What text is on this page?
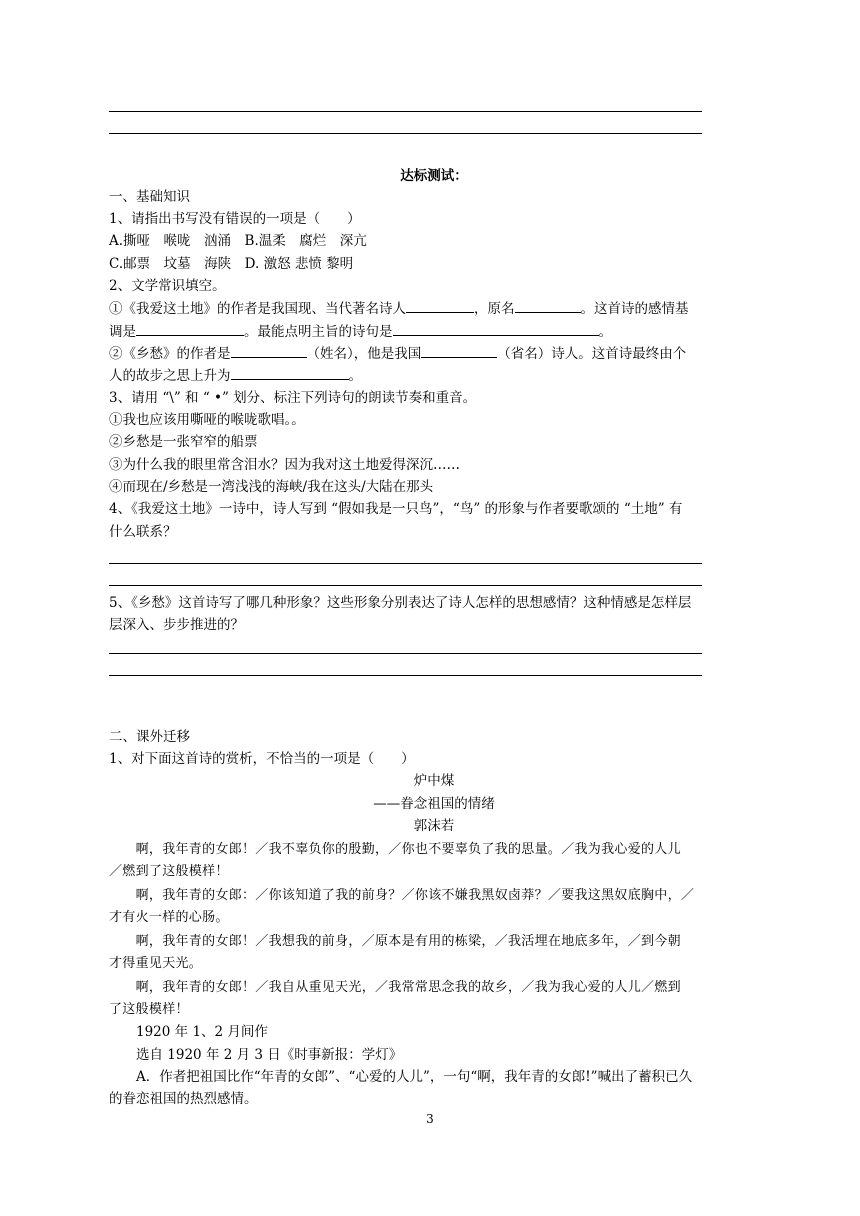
达标测试：
一、基础知识
1、请指出书写没有错误的一项是（　　）
A.撕哑　喉咙　汹涌　B.温柔　腐烂　深亢
C.邮票　坟墓　海陕　D. 激怒 悲愤 黎明
2、文学常识填空。
①《我爱这土地》的作者是我国现、当代著名诗人	，原名	。这首诗的感情基
调是	。最能点明主旨的诗句是	。
②《乡愁》的作者是	（姓名），他是我国	（省名）诗人。这首诗最终由个
人的故步之思上升为	。
3、请用 “\” 和 “ •” 划分、标注下列诗句的朗读节奏和重音。
①我也应该用嘶哑的喉咙歌唱。。
②乡愁是一张窄窄的船票
③为什么我的眼里常含泪水？因为我对这土地爱得深沉……
④而现在/乡愁是一湾浅浅的海峡/我在这头/大陆在那头
4、《我爱这土地》一诗中，诗人写到 “假如我是一只鸟”，“鸟” 的形象与作者要歌颂的 “土地” 有
什么联系？
5、《乡愁》这首诗写了哪几种形象？这些形象分别表达了诗人怎样的思想感情？这种情感是怎样层
层深入、步步推进的？
二、课外迁移
1、对下面这首诗的赏析，不恰当的一项是（　　）
炉中煤
——眷念祖国的情绪
郭沫若
　　啊，我年青的女郎！／我不辜负你的殷勤，／你也不要辜负了我的思量。／我为我心爱的人儿
／燃到了这般模样！
　　啊，我年青的女郎：／你该知道了我的前身？／你该不嫌我黑奴卤莽？／要我这黑奴底胸中，／
才有火一样的心肠。
　　啊，我年青的女郎！／我想我的前身，／原本是有用的栋梁，／我活埋在地底多年，／到今朝
才得重见天光。
　　啊，我年青的女郎！／我自从重见天光，／我常常思念我的故乡，／我为我心爱的人儿／燃到
了这般模样！
　　1920 年 1、2 月间作
　　选自 1920 年 2 月 3 日《时事新报：学灯》
　　A．作者把祖国比作“年青的女郎”、“心爱的人儿”，一句“啊，我年青的女郎!”喊出了蓄积已久
的眷恋祖国的热烈感情。
3
